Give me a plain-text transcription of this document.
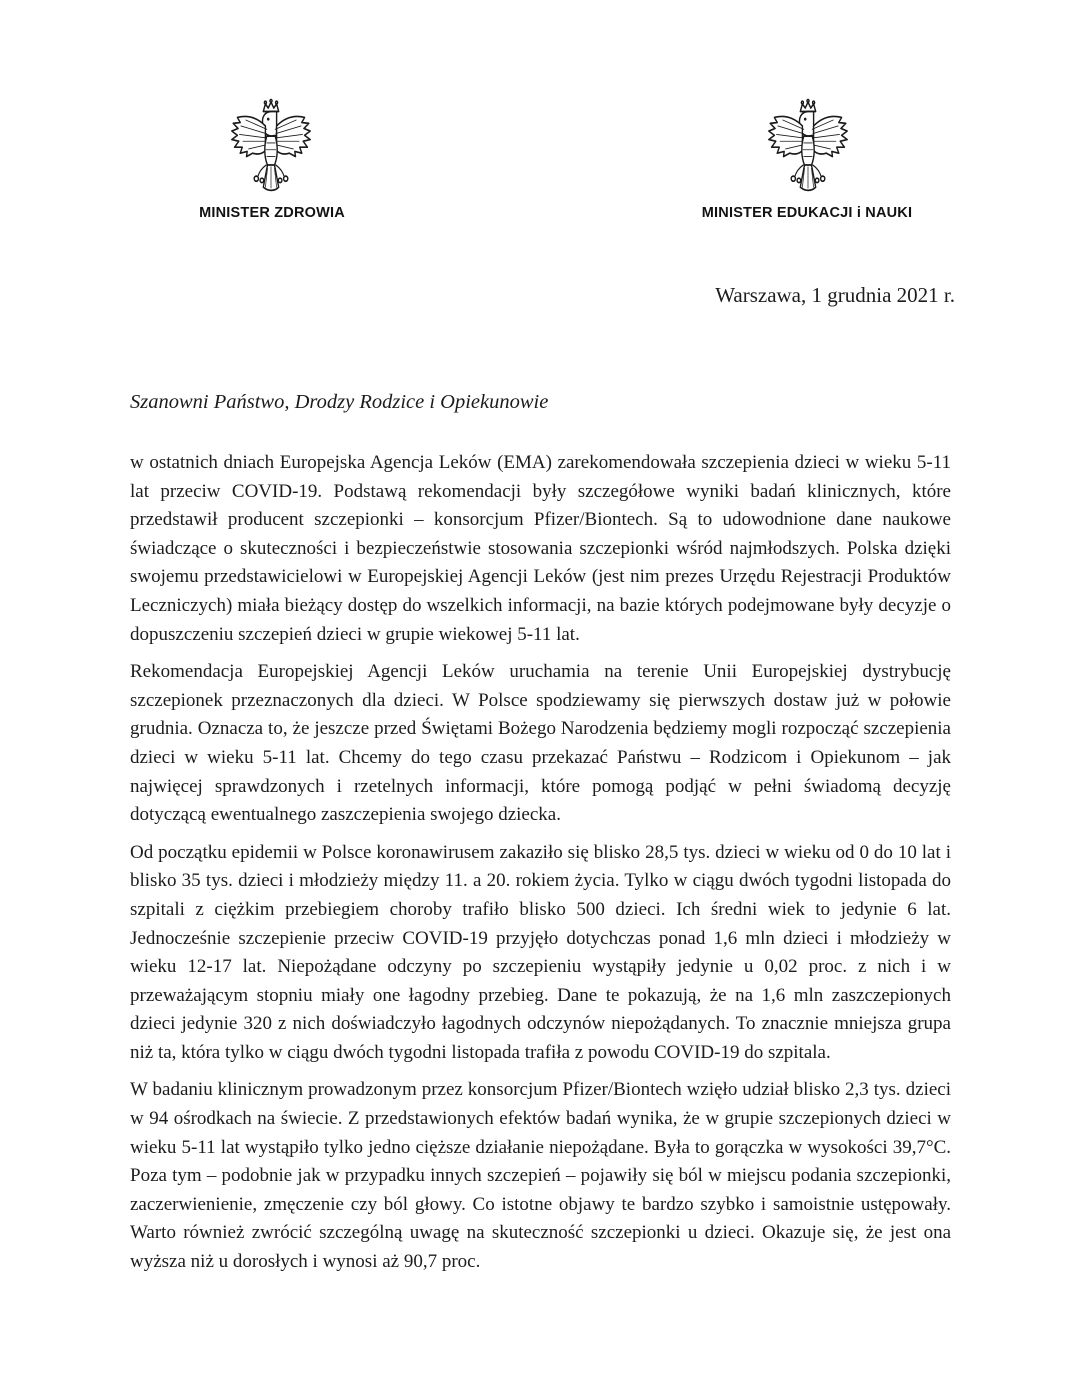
MINISTER ZDROWIA	MINISTER EDUKACJI i NAUKI
Warszawa, 1 grudnia 2021 r.
Szanowni Państwo, Drodzy Rodzice i Opiekunowie

w ostatnich dniach Europejska Agencja Leków (EMA) zarekomendowała szczepienia dzieci w wieku 5-11 lat przeciw COVID-19. Podstawą rekomendacji były szczegółowe wyniki badań klinicznych, które przedstawił producent szczepionki – konsorcjum Pfizer/Biontech. Są to udowodnione dane naukowe świadczące o skuteczności i bezpieczeństwie stosowania szczepionki wśród najmłodszych. Polska dzięki swojemu przedstawicielowi w Europejskiej Agencji Leków (jest nim prezes Urzędu Rejestracji Produktów Leczniczych) miała bieżący dostęp do wszelkich informacji, na bazie których podejmowane były decyzje o dopuszczeniu szczepień dzieci w grupie wiekowej 5-11 lat.

Rekomendacja Europejskiej Agencji Leków uruchamia na terenie Unii Europejskiej dystrybucję szczepionek przeznaczonych dla dzieci. W Polsce spodziewamy się pierwszych dostaw już w połowie grudnia. Oznacza to, że jeszcze przed Świętami Bożego Narodzenia będziemy mogli rozpocząć szczepienia dzieci w wieku 5-11 lat. Chcemy do tego czasu przekazać Państwu – Rodzicom i Opiekunom – jak najwięcej sprawdzonych i rzetelnych informacji, które pomogą podjąć w pełni świadomą decyzję dotyczącą ewentualnego zaszczepienia swojego dziecka.

Od początku epidemii w Polsce koronawirusem zakaziło się blisko 28,5 tys. dzieci w wieku od 0 do 10 lat i blisko 35 tys. dzieci i młodzieży między 11. a 20. rokiem życia. Tylko w ciągu dwóch tygodni listopada do szpitali z ciężkim przebiegiem choroby trafiło blisko 500 dzieci. Ich średni wiek to jedynie 6 lat. Jednocześnie szczepienie przeciw COVID-19 przyjęło dotychczas ponad 1,6 mln dzieci i młodzieży w wieku 12-17 lat. Niepożądane odczyny po szczepieniu wystąpiły jedynie u 0,02 proc. z nich i w przeważającym stopniu miały one łagodny przebieg. Dane te pokazują, że na 1,6 mln zaszczepionych dzieci jedynie 320 z nich doświadczyło łagodnych odczynów niepożądanych. To znacznie mniejsza grupa niż ta, która tylko w ciągu dwóch tygodni listopada trafiła z powodu COVID-19 do szpitala.

W badaniu klinicznym prowadzonym przez konsorcjum Pfizer/Biontech wzięło udział blisko 2,3 tys. dzieci w 94 ośrodkach na świecie. Z przedstawionych efektów badań wynika, że w grupie szczepionych dzieci w wieku 5-11 lat wystąpiło tylko jedno cięższe działanie niepożądane. Była to gorączka w wysokości 39,7°C. Poza tym – podobnie jak w przypadku innych szczepień – pojawiły się ból w miejscu podania szczepionki, zaczerwienienie, zmęczenie czy ból głowy. Co istotne objawy te bardzo szybko i samoistnie ustępowały. Warto również zwrócić szczególną uwagę na skuteczność szczepionki u dzieci. Okazuje się, że jest ona wyższa niż u dorosłych i wynosi aż 90,7 proc.
